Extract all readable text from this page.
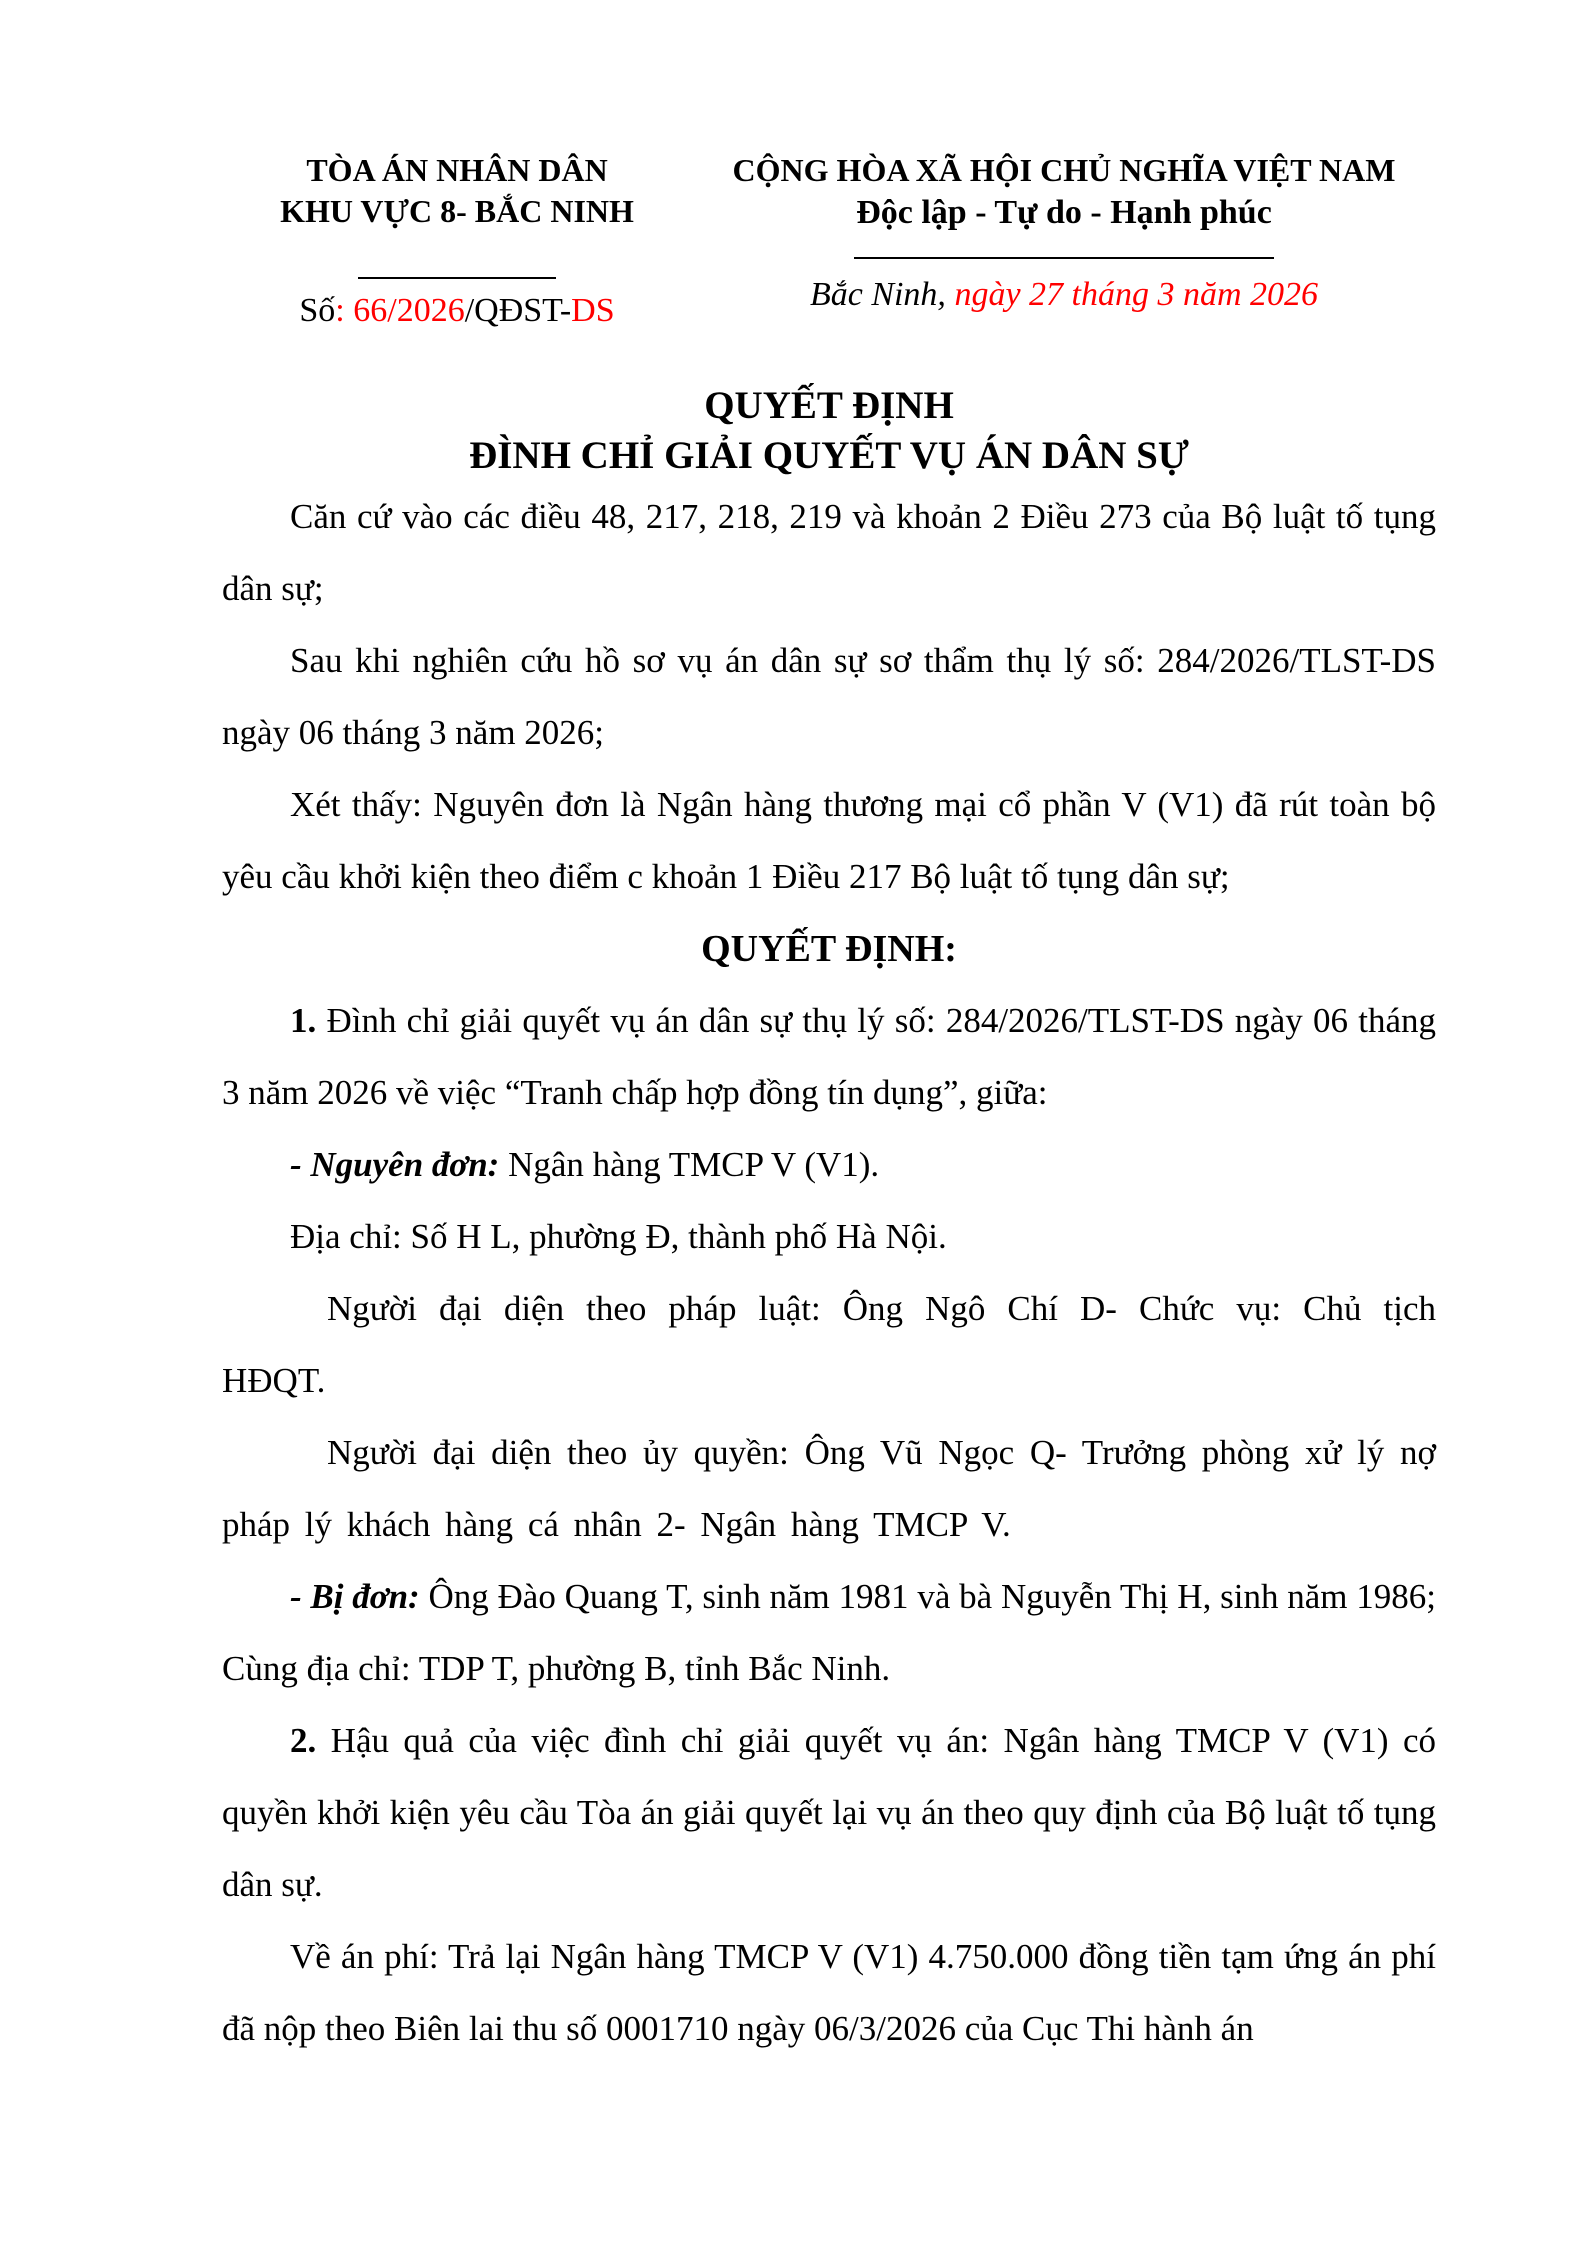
TÒA ÁN NHÂN DÂN
KHU VỰC 8- BẮC NINH
Số: 66/2026/QĐST-DS
CỘNG HÒA XÃ HỘI CHỦ NGHĨA VIỆT NAM
Độc lập - Tự do - Hạnh phúc
Bắc Ninh, ngày 27 tháng 3 năm 2026
QUYẾT ĐỊNH
ĐÌNH CHỈ GIẢI QUYẾT VỤ ÁN DÂN SỰ

Căn cứ vào các điều 48, 217, 218, 219 và khoản 2 Điều 273 của Bộ luật tố tụng dân sự;

Sau khi nghiên cứu hồ sơ vụ án dân sự sơ thẩm thụ lý số: 284/2026/TLST-DS ngày 06 tháng 3 năm 2026;

Xét thấy: Nguyên đơn là Ngân hàng thương mại cổ phần V (V1) đã rút toàn bộ yêu cầu khởi kiện theo điểm c khoản 1 Điều 217 Bộ luật tố tụng dân sự;

QUYẾT ĐỊNH:

1. Đình chỉ giải quyết vụ án dân sự thụ lý số: 284/2026/TLST-DS ngày 06 tháng 3 năm 2026 về việc “Tranh chấp hợp đồng tín dụng”, giữa:

- Nguyên đơn: Ngân hàng TMCP V (V1).

Địa chỉ: Số H L, phường Đ, thành phố Hà Nội.

Người đại diện theo pháp luật: Ông Ngô Chí D- Chức vụ: Chủ tịch HĐQT.

Người đại diện theo ủy quyền: Ông Vũ Ngọc Q- Trưởng phòng xử lý nợ pháp lý khách hàng cá nhân 2- Ngân hàng TMCP V.

- Bị đơn: Ông Đào Quang T, sinh năm 1981 và bà Nguyễn Thị H, sinh năm 1986; Cùng địa chỉ: TDP T, phường B, tỉnh Bắc Ninh.

2. Hậu quả của việc đình chỉ giải quyết vụ án: Ngân hàng TMCP V (V1) có quyền khởi kiện yêu cầu Tòa án giải quyết lại vụ án theo quy định của Bộ luật tố tụng dân sự.

Về án phí: Trả lại Ngân hàng TMCP V (V1) 4.750.000 đồng tiền tạm ứng án phí đã nộp theo Biên lai thu số 0001710 ngày 06/3/2026 của Cục Thi hành án
